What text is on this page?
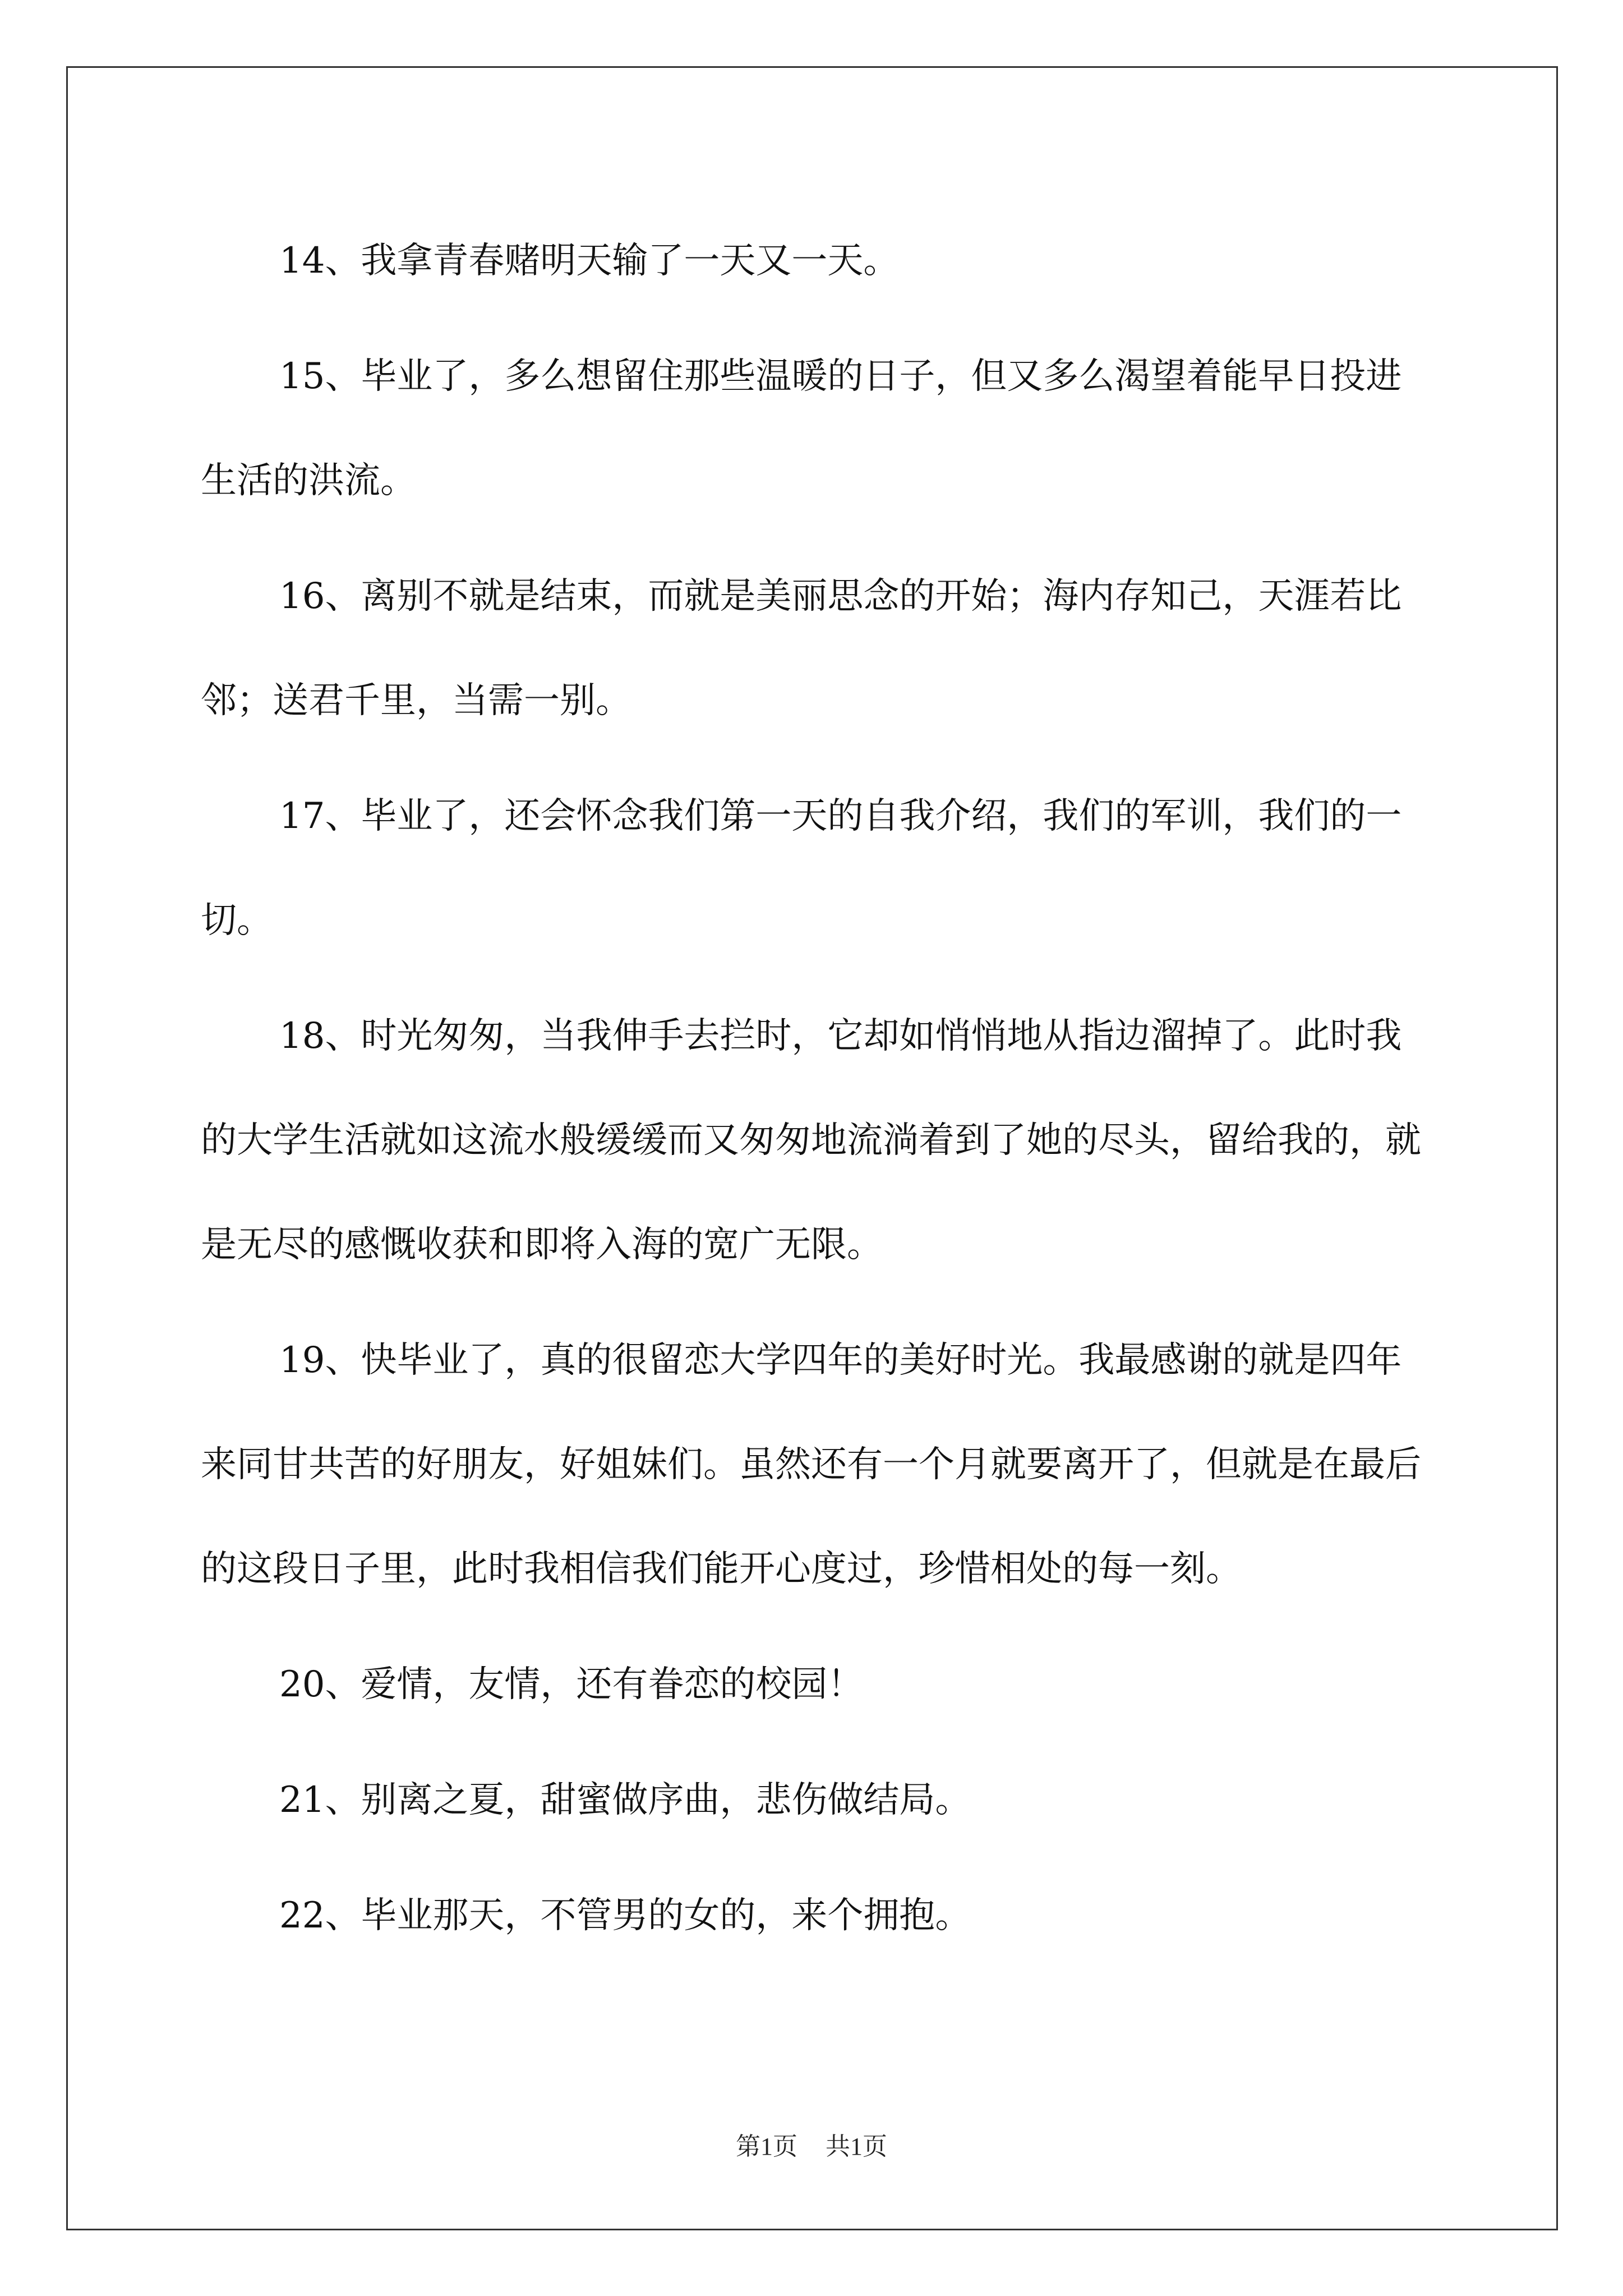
14、我拿青春赌明天输了一天又一天。

15、毕业了，多么想留住那些温暖的日子，但又多么渴望着能早日投进生活的洪流。

16、离别不就是结束，而就是美丽思念的开始；海内存知己，天涯若比邻；送君千里，当需一别。

17、毕业了，还会怀念我们第一天的自我介绍，我们的军训，我们的一切。

18、时光匆匆，当我伸手去拦时，它却如悄悄地从指边溜掉了。此时我的大学生活就如这流水般缓缓而又匆匆地流淌着到了她的尽头，留给我的，就是无尽的感慨收获和即将入海的宽广无限。

19、快毕业了，真的很留恋大学四年的美好时光。我最感谢的就是四年来同甘共苦的好朋友，好姐妹们。虽然还有一个月就要离开了，但就是在最后的这段日子里，此时我相信我们能开心度过，珍惜相处的每一刻。

20、爱情，友情，还有眷恋的校园！

21、别离之夏，甜蜜做序曲，悲伤做结局。

22、毕业那天，不管男的女的，来个拥抱。

第1页 共1页
